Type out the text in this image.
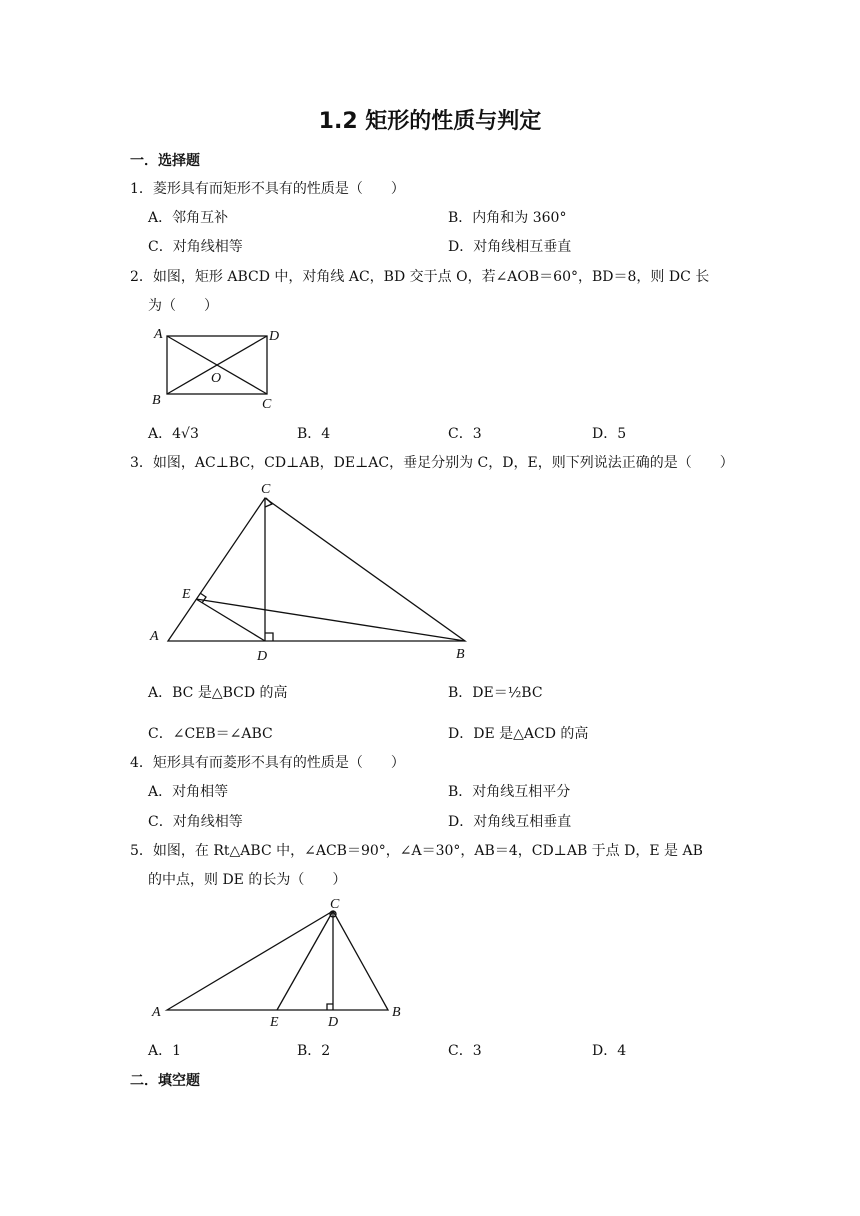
1.2 矩形的性质与判定
一．选择题
1．菱形具有而矩形不具有的性质是（　　）
A．邻角互补	B．内角和为 360°
C．对角线相等	D．对角线相互垂直
2．如图，矩形 ABCD 中，对角线 AC，BD 交于点 O，若∠AOB＝60°，BD＝8，则 DC 长
为（　　）
A	D
O
B	C
A．4√3	B．4	C．3	D．5
3．如图，AC⊥BC，CD⊥AB，DE⊥AC，垂足分别为 C，D，E，则下列说法正确的是（　　）
C
E
A
D	B
A．BC 是△BCD 的高	B．DE＝½BC
C．∠CEB＝∠ABC	D．DE 是△ACD 的高
4．矩形具有而菱形不具有的性质是（　　）
A．对角相等	B．对角线互相平分
C．对角线相等	D．对角线互相垂直
5．如图，在 Rt△ABC 中，∠ACB＝90°，∠A＝30°，AB＝4，CD⊥AB 于点 D，E 是 AB
的中点，则 DE 的长为（　　）
C
A
E	D
B
A．1	B．2	C．3	D．4
二．填空题
